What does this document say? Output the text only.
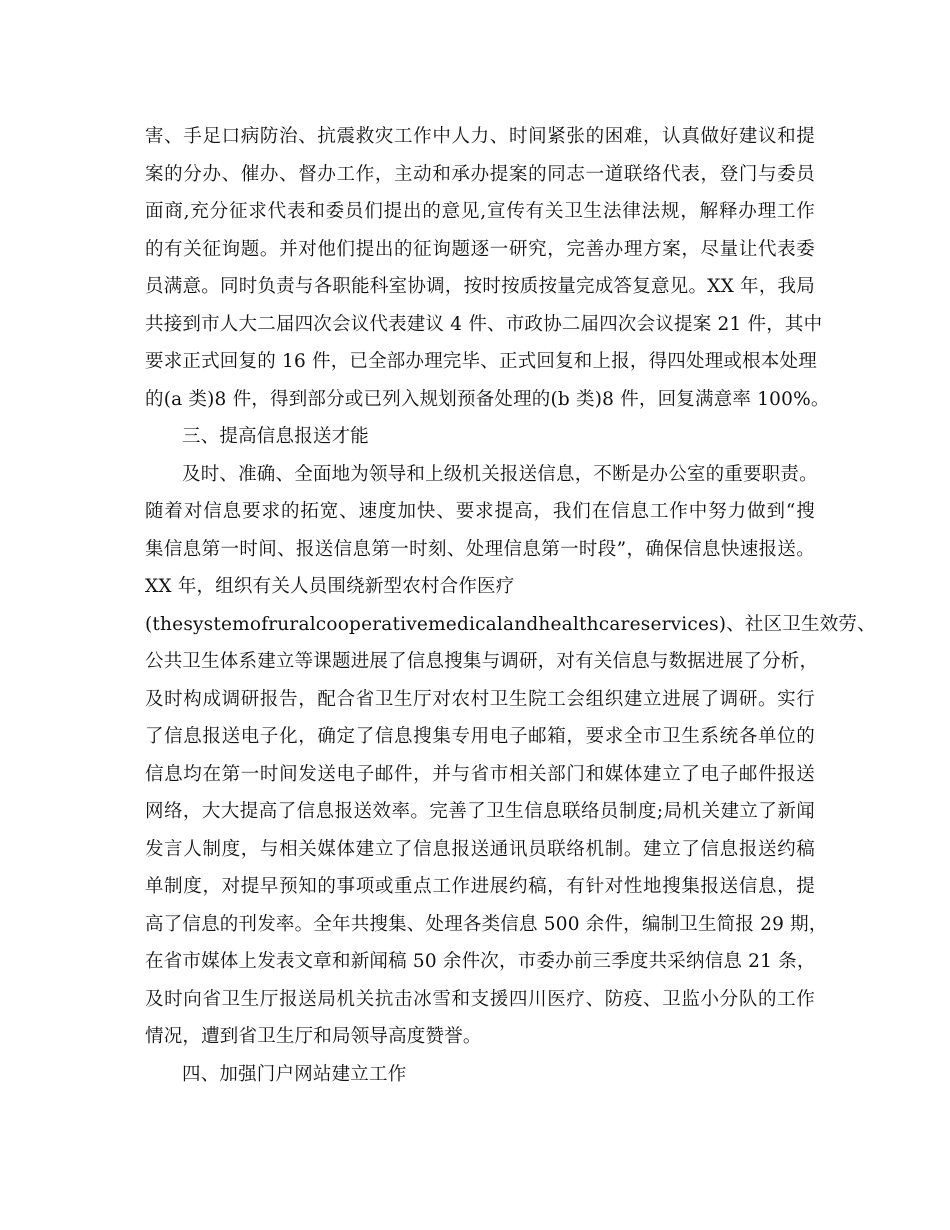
害、手足口病防治、抗震救灾工作中人力、时间紧张的困难，认真做好建议和提
案的分办、催办、督办工作，主动和承办提案的同志一道联络代表，登门与委员
面商,充分征求代表和委员们提出的意见,宣传有关卫生法律法规，解释办理工作
的有关征询题。并对他们提出的征询题逐一研究，完善办理方案，尽量让代表委
员满意。同时负责与各职能科室协调，按时按质按量完成答复意见。XX 年，我局
共接到市人大二届四次会议代表建议 4 件、市政协二届四次会议提案 21 件，其中
要求正式回复的 16 件，已全部办理完毕、正式回复和上报，得四处理或根本处理
的(a 类)8 件，得到部分或已列入规划预备处理的(b 类)8 件，回复满意率 100%。
三、提高信息报送才能
及时、准确、全面地为领导和上级机关报送信息，不断是办公室的重要职责。
随着对信息要求的拓宽、速度加快、要求提高，我们在信息工作中努力做到“搜
集信息第一时间、报送信息第一时刻、处理信息第一时段”，确保信息快速报送。
XX 年，组织有关人员围绕新型农村合作医疗
(thesystemofruralcooperativemedicalandhealthcareservices)、社区卫生效劳、
公共卫生体系建立等课题进展了信息搜集与调研，对有关信息与数据进展了分析，
及时构成调研报告，配合省卫生厅对农村卫生院工会组织建立进展了调研。实行
了信息报送电子化，确定了信息搜集专用电子邮箱，要求全市卫生系统各单位的
信息均在第一时间发送电子邮件，并与省市相关部门和媒体建立了电子邮件报送
网络，大大提高了信息报送效率。完善了卫生信息联络员制度;局机关建立了新闻
发言人制度，与相关媒体建立了信息报送通讯员联络机制。建立了信息报送约稿
单制度，对提早预知的事项或重点工作进展约稿，有针对性地搜集报送信息，提
高了信息的刊发率。全年共搜集、处理各类信息 500 余件，编制卫生简报 29 期，
在省市媒体上发表文章和新闻稿 50 余件次，市委办前三季度共采纳信息 21 条，
及时向省卫生厅报送局机关抗击冰雪和支援四川医疗、防疫、卫监小分队的工作
情况，遭到省卫生厅和局领导高度赞誉。
四、加强门户网站建立工作
